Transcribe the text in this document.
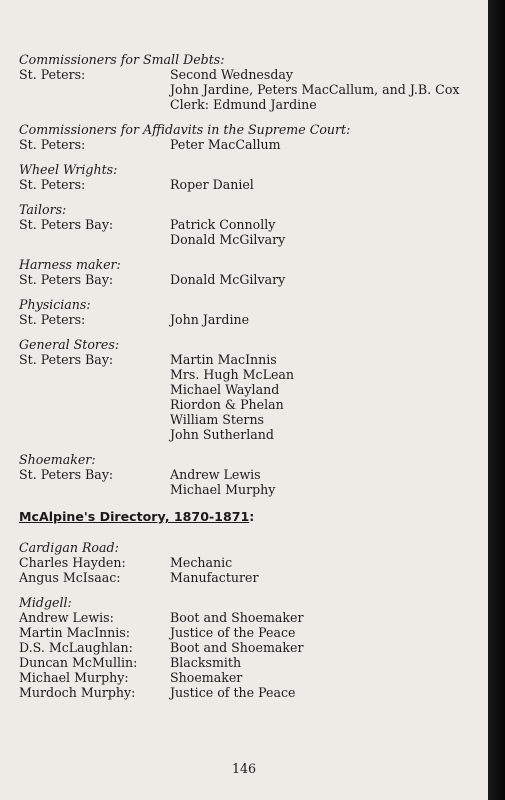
Commissioners for Small Debts:
St. Peters:	Second Wednesday
John Jardine, Peters MacCallum, and J.B. Cox
Clerk: Edmund Jardine
Commissioners for Affidavits in the Supreme Court:
St. Peters:	Peter MacCallum
Wheel Wrights:
St. Peters:	Roper Daniel
Tailors:
St. Peters Bay:	Patrick Connolly
Donald McGilvary
Harness maker:
St. Peters Bay:	Donald McGilvary
Physicians:
St. Peters:	John Jardine
General Stores:
St. Peters Bay:	Martin MacInnis
Mrs. Hugh McLean
Michael Wayland
Riordon & Phelan
William Sterns
John Sutherland
Shoemaker:
St. Peters Bay:	Andrew Lewis
Michael Murphy
McAlpine's Directory, 1870-1871:
Cardigan Road:
Charles Hayden:	Mechanic
Angus McIsaac:	Manufacturer
Midgell:
Andrew Lewis:	Boot and Shoemaker
Martin MacInnis:	Justice of the Peace
D.S. McLaughlan:	Boot and Shoemaker
Duncan McMullin:	Blacksmith
Michael Murphy:	Shoemaker
Murdoch Murphy:	Justice of the Peace
146
